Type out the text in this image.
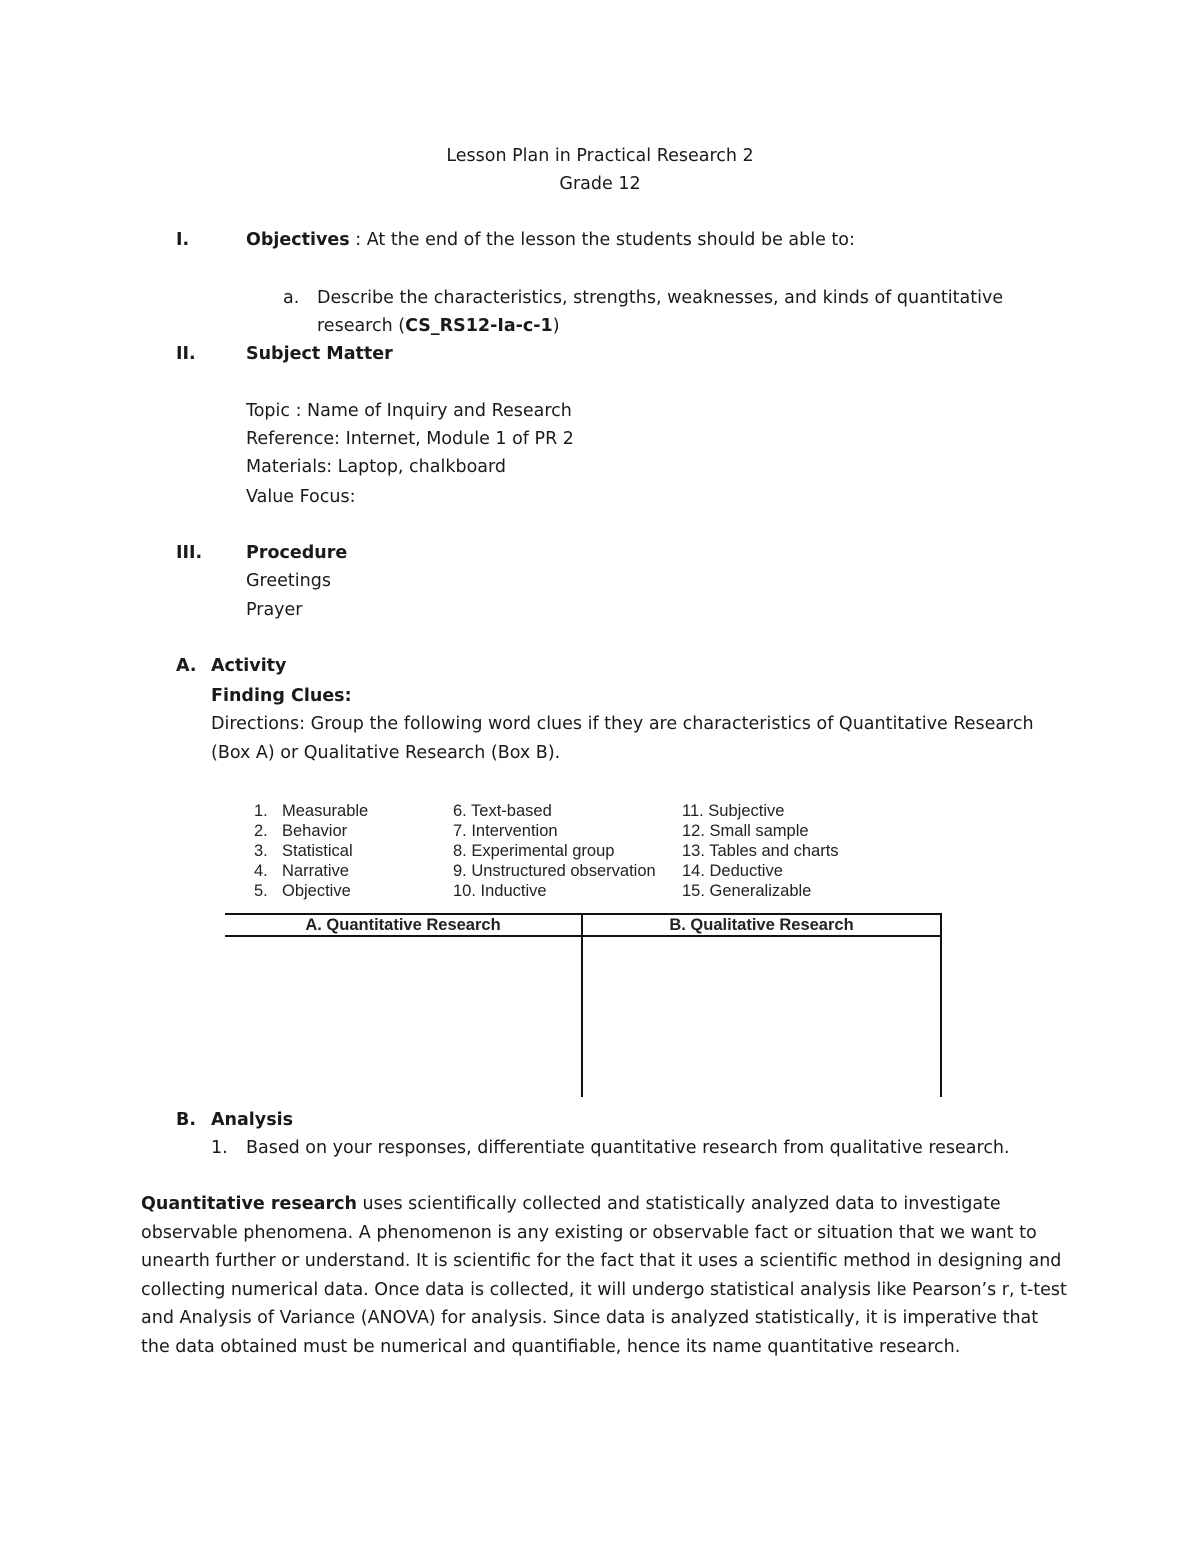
Lesson Plan in Practical Research 2
Grade 12
I.	Objectives : At the end of the lesson the students should be able to:
a. Describe the characteristics, strengths, weaknesses, and kinds of quantitative
research (CS_RS12-Ia-c-1)
II.	Subject Matter
Topic : Name of Inquiry and Research
Reference: Internet, Module 1 of PR 2
Materials: Laptop, chalkboard
Value Focus:
III.	Procedure
Greetings
Prayer
A. Activity
Finding Clues:
Directions: Group the following word clues if they are characteristics of Quantitative Research
(Box A) or Qualitative Research (Box B).
1. Measurable
2. Behavior
3. Statistical
4. Narrative
5. Objective
6. Text-based
7. Intervention
8. Experimental group
9. Unstructured observation
10. Inductive
11. Subjective
12. Small sample
13. Tables and charts
14. Deductive
15. Generalizable
A. Quantitative Research	B. Qualitative Research
B. Analysis
1. Based on your responses, differentiate quantitative research from qualitative research.
Quantitative research uses scientifically collected and statistically analyzed data to investigate
observable phenomena. A phenomenon is any existing or observable fact or situation that we want to
unearth further or understand. It is scientific for the fact that it uses a scientific method in designing and
collecting numerical data. Once data is collected, it will undergo statistical analysis like Pearson’s r, t-test
and Analysis of Variance (ANOVA) for analysis. Since data is analyzed statistically, it is imperative that
the data obtained must be numerical and quantifiable, hence its name quantitative research.
